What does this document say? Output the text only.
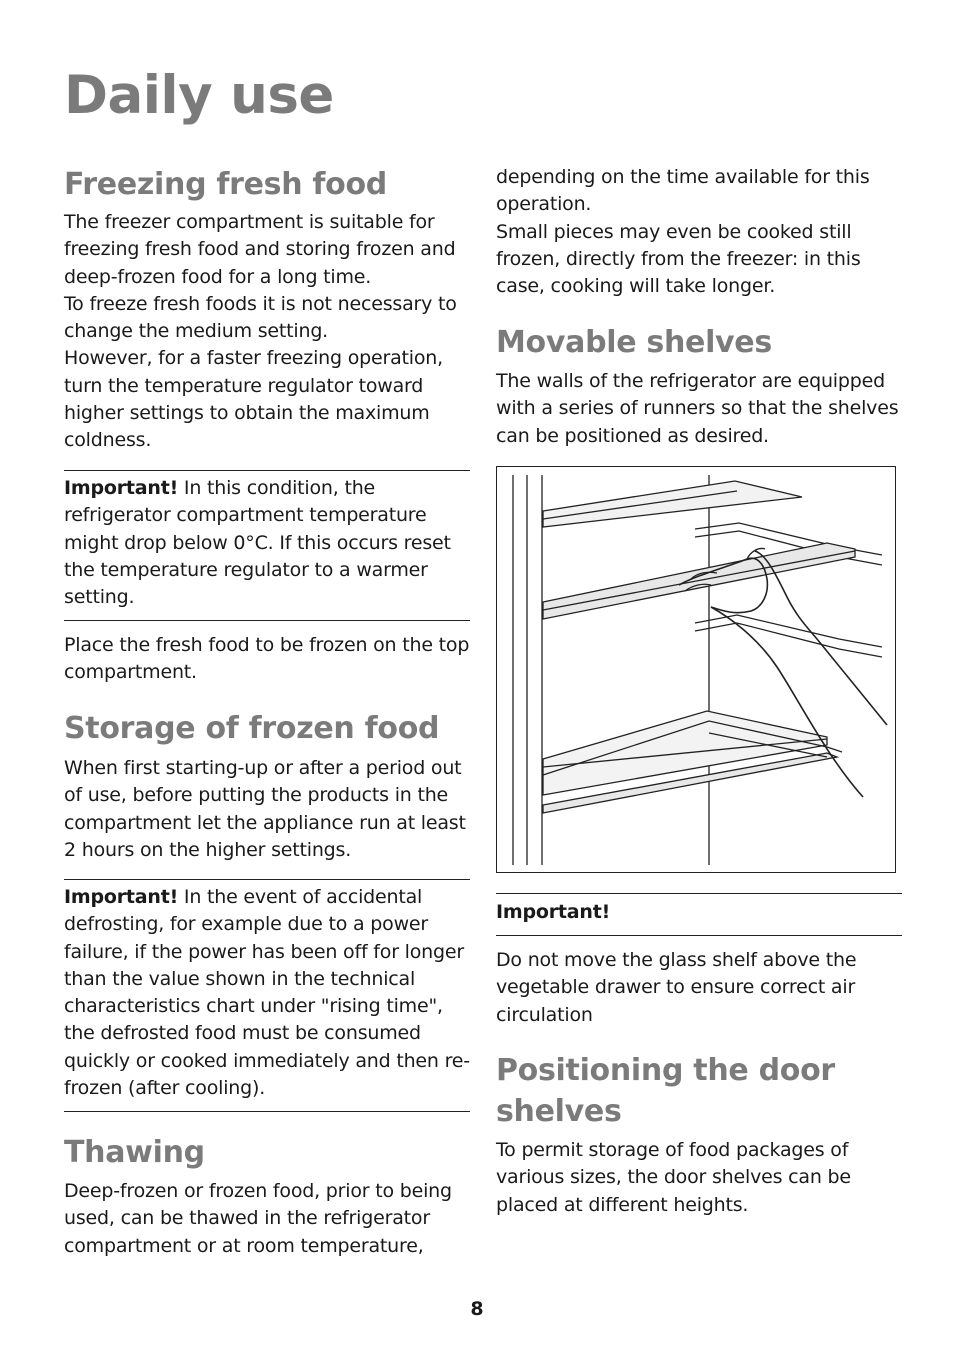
Daily use
Freezing fresh food

The freezer compartment is suitable for freezing fresh food and storing frozen and deep-frozen food for a long time.

To freeze fresh foods it is not necessary to change the medium setting.

However, for a faster freezing operation, turn the temperature regulator toward higher settings to obtain the maximum coldness.

Important! In this condition, the refrigerator compartment temperature might drop below 0°C. If this occurs reset the temperature regulator to a warmer setting.

Place the fresh food to be frozen on the top compartment.

Storage of frozen food

When first starting-up or after a period out of use, before putting the products in the compartment let the appliance run at least 2 hours on the higher settings.

Important! In the event of accidental defrosting, for example due to a power failure, if the power has been off for longer than the value shown in the technical characteristics chart under "rising time", the defrosted food must be consumed quickly or cooked immediately and then re-frozen (after cooling).

Thawing

Deep-frozen or frozen food, prior to being used, can be thawed in the refrigerator compartment or at room temperature,

depending on the time available for this operation.

Small pieces may even be cooked still frozen, directly from the freezer: in this case, cooking will take longer.

Movable shelves

The walls of the refrigerator are equipped with a series of runners so that the shelves can be positioned as desired.

Important!

Do not move the glass shelf above the vegetable drawer to ensure correct air circulation

Positioning the door shelves

To permit storage of food packages of various sizes, the door shelves can be placed at different heights.

8
